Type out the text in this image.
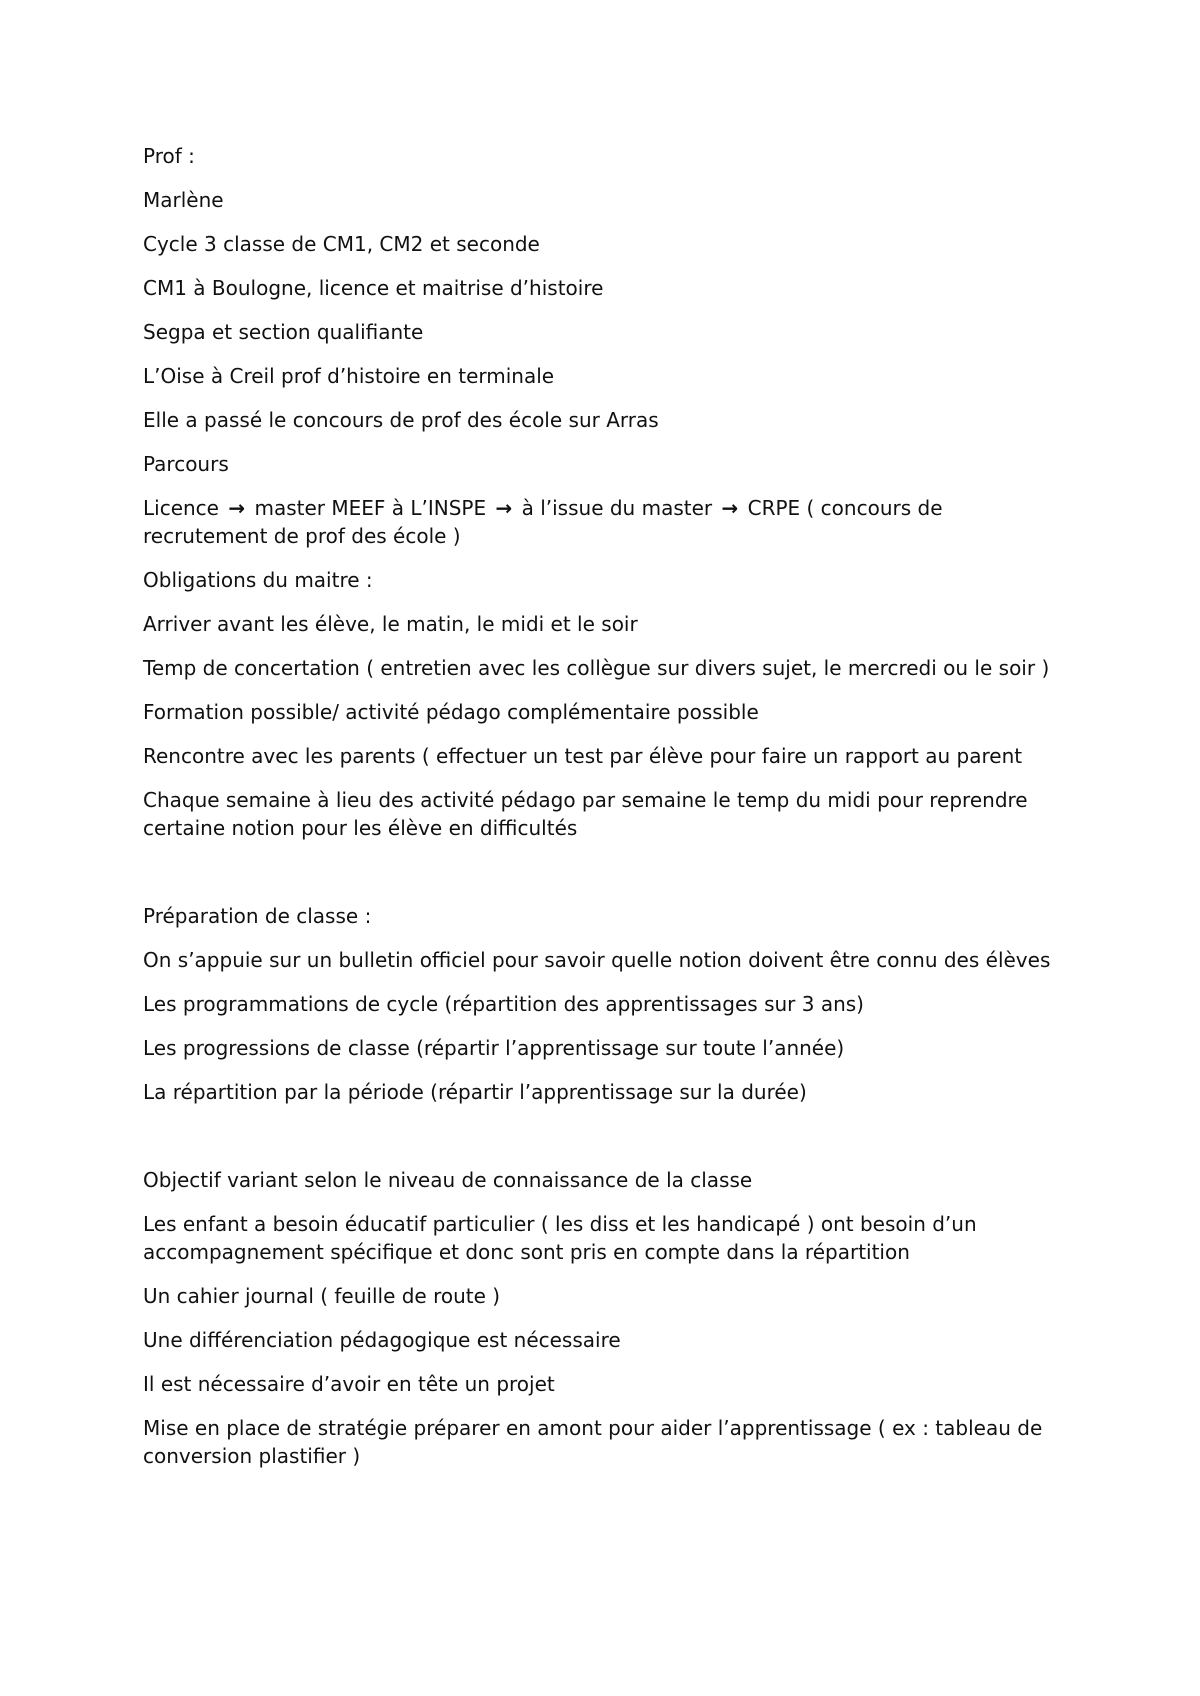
Prof :

Marlène

Cycle 3 classe de CM1, CM2 et seconde

CM1 à Boulogne, licence et maitrise d’histoire

Segpa et section qualifiante

L’Oise à Creil prof d’histoire en terminale

Elle a passé le concours de prof des école sur Arras

Parcours

Licence → master MEEF à L’INSPE → à l’issue du master → CRPE ( concours de recrutement de prof des école )

Obligations du maitre :

Arriver avant les élève, le matin, le midi et le soir

Temp de concertation ( entretien avec les collègue sur divers sujet, le mercredi ou le soir )

Formation possible/ activité pédago complémentaire possible

Rencontre avec les parents ( effectuer un test par élève pour faire un rapport au parent

Chaque semaine à lieu des activité pédago par semaine le temp du midi pour reprendre certaine notion pour les élève en difficultés

Préparation de classe :

On s’appuie sur un bulletin officiel pour savoir quelle notion doivent être connu des élèves

Les programmations de cycle (répartition des apprentissages sur 3 ans)

Les progressions de classe (répartir l’apprentissage sur toute l’année)

La répartition par la période (répartir l’apprentissage sur la durée)

Objectif variant selon le niveau de connaissance de la classe

Les enfant a besoin éducatif particulier ( les diss et les handicapé ) ont besoin d’un accompagnement spécifique et donc sont pris en compte dans la répartition

Un cahier journal ( feuille de route )

Une différenciation pédagogique est nécessaire

Il est nécessaire d’avoir en tête un projet

Mise en place de stratégie préparer en amont pour aider l’apprentissage ( ex : tableau de conversion plastifier )
